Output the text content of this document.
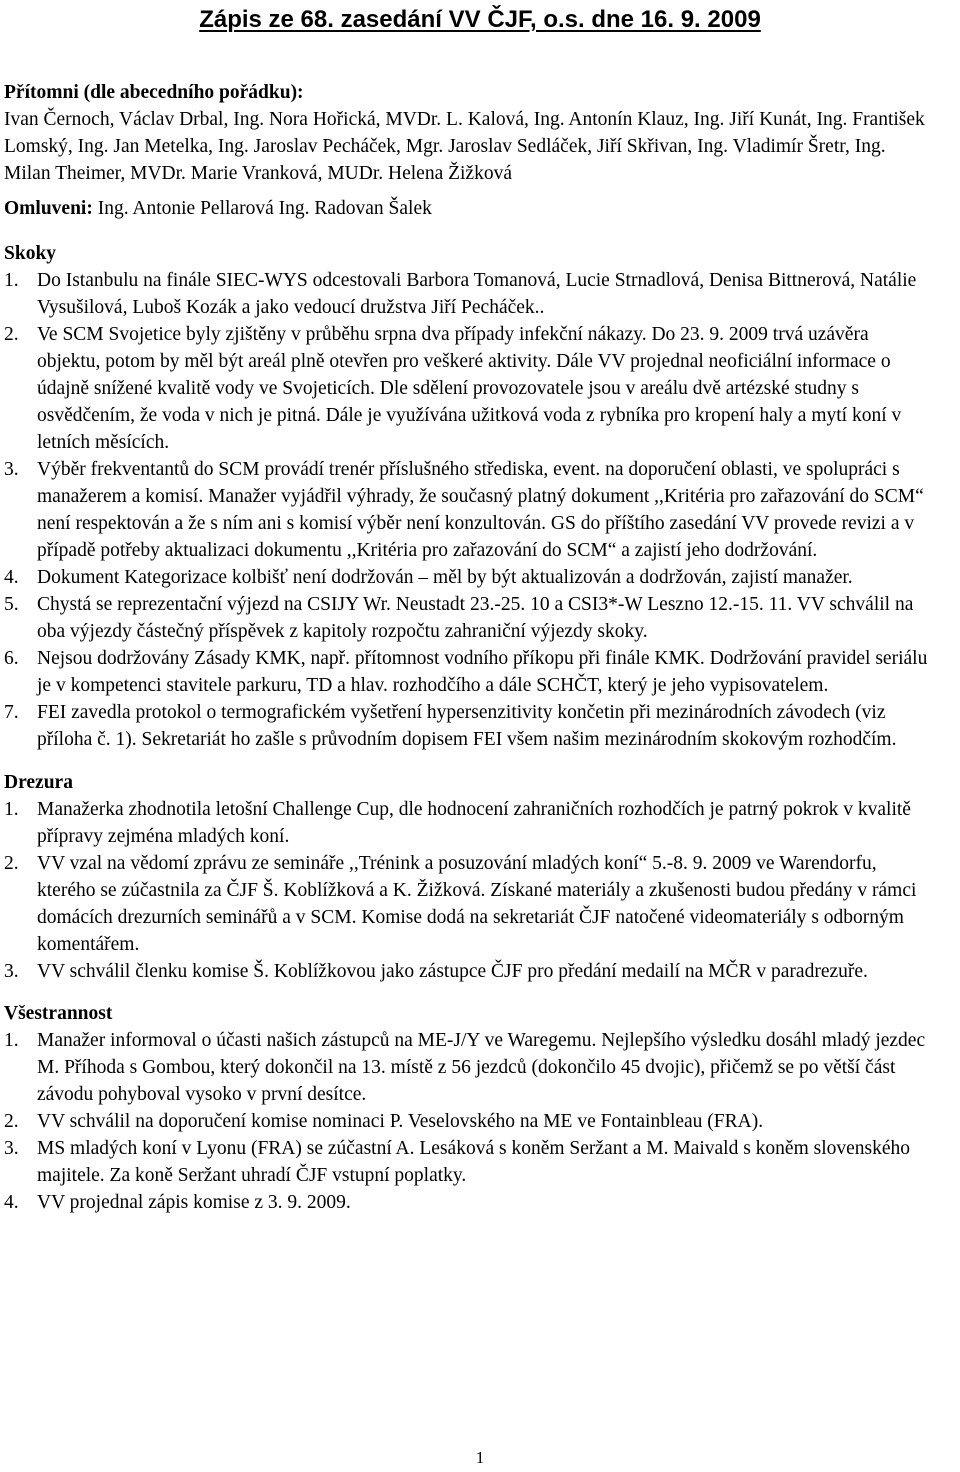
Zápis ze 68. zasedání VV ČJF, o.s. dne 16. 9. 2009

Přítomni (dle abecedního pořádku):

Ivan Černoch, Václav Drbal, Ing. Nora Hořická, MVDr. L. Kalová, Ing. Antonín Klauz, Ing. Jiří Kunát, Ing. František Lomský, Ing. Jan Metelka, Ing. Jaroslav Pecháček, Mgr. Jaroslav Sedláček, Jiří Skřivan, Ing. Vladimír Šretr, Ing. Milan Theimer, MVDr. Marie Vranková, MUDr. Helena Žižková

Omluveni: Ing. Antonie Pellarová Ing. Radovan Šalek

Skoky

1. Do Istanbulu na finále SIEC-WYS odcestovali Barbora Tomanová, Lucie Strnadlová, Denisa Bittnerová, Natálie Vysušilová, Luboš Kozák a jako vedoucí družstva Jiří Pecháček..
2. Ve SCM Svojetice byly zjištěny v průběhu srpna dva případy infekční nákazy. Do 23. 9. 2009 trvá uzávěra objektu, potom by měl být areál plně otevřen pro veškeré aktivity. Dále VV projednal neoficiální informace o údajně snížené kvalitě vody ve Svojeticích. Dle sdělení provozovatele jsou v areálu dvě artézské studny s osvědčením, že voda v nich je pitná. Dále je využívána užitková voda z rybníka pro kropení haly a mytí koní v letních měsících.
3. Výběr frekventantů do SCM provádí trenér příslušného střediska, event. na doporučení oblasti, ve spolupráci s manažerem a komisí. Manažer vyjádřil výhrady, že současný platný dokument ,,Kritéria pro zařazování do SCM“ není respektován a že s ním ani s komisí výběr není konzultován. GS do příštího zasedání VV provede revizi a v případě potřeby aktualizaci dokumentu ,,Kritéria pro zařazování do SCM“ a zajistí jeho dodržování.
4. Dokument Kategorizace kolbišť není dodržován – měl by být aktualizován a dodržován, zajistí manažer.
5. Chystá se reprezentační výjezd na CSIJY Wr. Neustadt 23.-25. 10 a CSI3*-W Leszno 12.-15. 11. VV schválil na oba výjezdy částečný příspěvek z kapitoly rozpočtu zahraniční výjezdy skoky.
6. Nejsou dodržovány Zásady KMK, např. přítomnost vodního příkopu při finále KMK. Dodržování pravidel seriálu je v kompetenci stavitele parkuru, TD a hlav. rozhodčího a dále SCHČT, který je jeho vypisovatelem.
7. FEI zavedla protokol o termografickém vyšetření hypersenzitivity končetin při mezinárodních závodech (viz příloha č. 1). Sekretariát ho zašle s průvodním dopisem FEI všem našim mezinárodním skokovým rozhodčím.

Drezura

1. Manažerka zhodnotila letošní Challenge Cup, dle hodnocení zahraničních rozhodčích je patrný pokrok v kvalitě přípravy zejména mladých koní.
2. VV vzal na vědomí zprávu ze semináře ,,Trénink a posuzování mladých koní“ 5.-8. 9. 2009 ve Warendorfu, kterého se zúčastnila za ČJF Š. Koblížková a K. Žižková. Získané materiály a zkušenosti budou předány v rámci domácích drezurních seminářů a v SCM. Komise dodá na sekretariát ČJF natočené videomateriály s odborným komentářem.
3. VV schválil členku komise Š. Koblížkovou jako zástupce ČJF pro předání medailí na MČR v paradrezuře.

Všestrannost

1. Manažer informoval o účasti našich zástupců na ME-J/Y ve Waregemu. Nejlepšího výsledku dosáhl mladý jezdec M. Příhoda s Gombou, který dokončil na 13. místě z 56 jezdců (dokončilo 45 dvojic), přičemž se po větší část závodu pohyboval vysoko v první desítce.
2. VV schválil na doporučení komise nominaci P. Veselovského na ME ve Fontainbleau (FRA).
3. MS mladých koní v Lyonu (FRA) se zúčastní A. Lesáková s koněm Seržant a M. Maivald s koněm slovenského majitele. Za koně Seržant uhradí ČJF vstupní poplatky.
4. VV projednal zápis komise z 3. 9. 2009.
1
